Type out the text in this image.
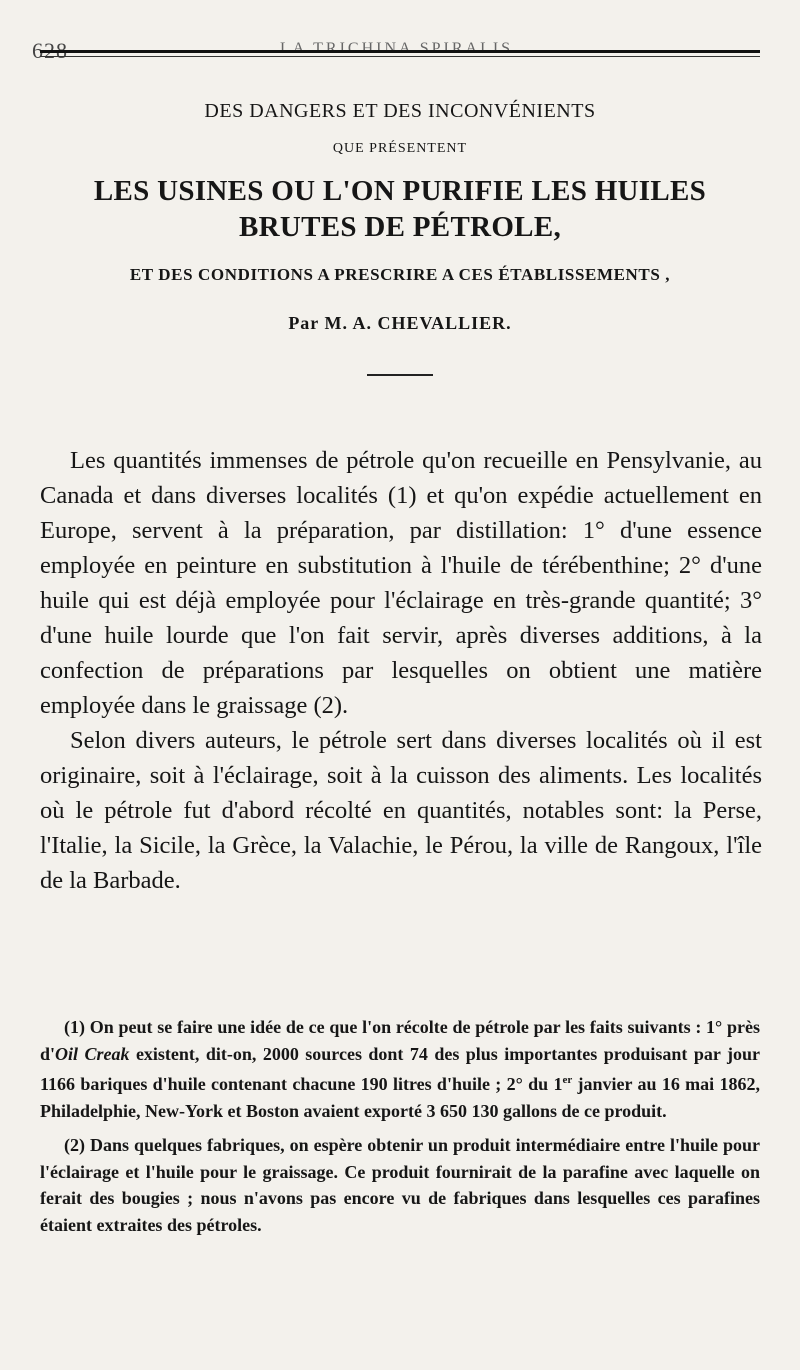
628	LA TRICHINA SPIRALIS.
DES DANGERS ET DES INCONVÉNIENTS
QUE PRÉSENTENT
LES USINES OU L'ON PURIFIE LES HUILES BRUTES DE PÉTROLE,
ET DES CONDITIONS A PRESCRIRE A CES ÉTABLISSEMENTS ,
Par M. A. CHEVALLIER.

Les quantités immenses de pétrole qu'on recueille en Pensylvanie, au Canada et dans diverses localités (1) et qu'on expédie actuellement en Europe, servent à la préparation, par distillation: 1° d'une essence employée en peinture en substitution à l'huile de térébenthine; 2° d'une huile qui est déjà employée pour l'éclairage en très-grande quantité; 3° d'une huile lourde que l'on fait servir, après diverses additions, à la confection de préparations par lesquelles on obtient une matière employée dans le graissage (2).

Selon divers auteurs, le pétrole sert dans diverses localités où il est originaire, soit à l'éclairage, soit à la cuisson des aliments. Les localités où le pétrole fut d'abord récolté en quantités, notables sont: la Perse, l'Italie, la Sicile, la Grèce, la Valachie, le Pérou, la ville de Rangoux, l'île de la Barbade.

(1) On peut se faire une idée de ce que l'on récolte de pétrole par les faits suivants : 1° près d'Oil Creak existent, dit-on, 2000 sources dont 74 des plus importantes produisant par jour 1166 bariques d'huile contenant chacune 190 litres d'huile ; 2° du 1er janvier au 16 mai 1862, Philadelphie, New-York et Boston avaient exporté 3 650 130 gallons de ce produit.

(2) Dans quelques fabriques, on espère obtenir un produit intermédiaire entre l'huile pour l'éclairage et l'huile pour le graissage. Ce produit fournirait de la parafine avec laquelle on ferait des bougies ; nous n'avons pas encore vu de fabriques dans lesquelles ces parafines étaient extraites des pétroles.
